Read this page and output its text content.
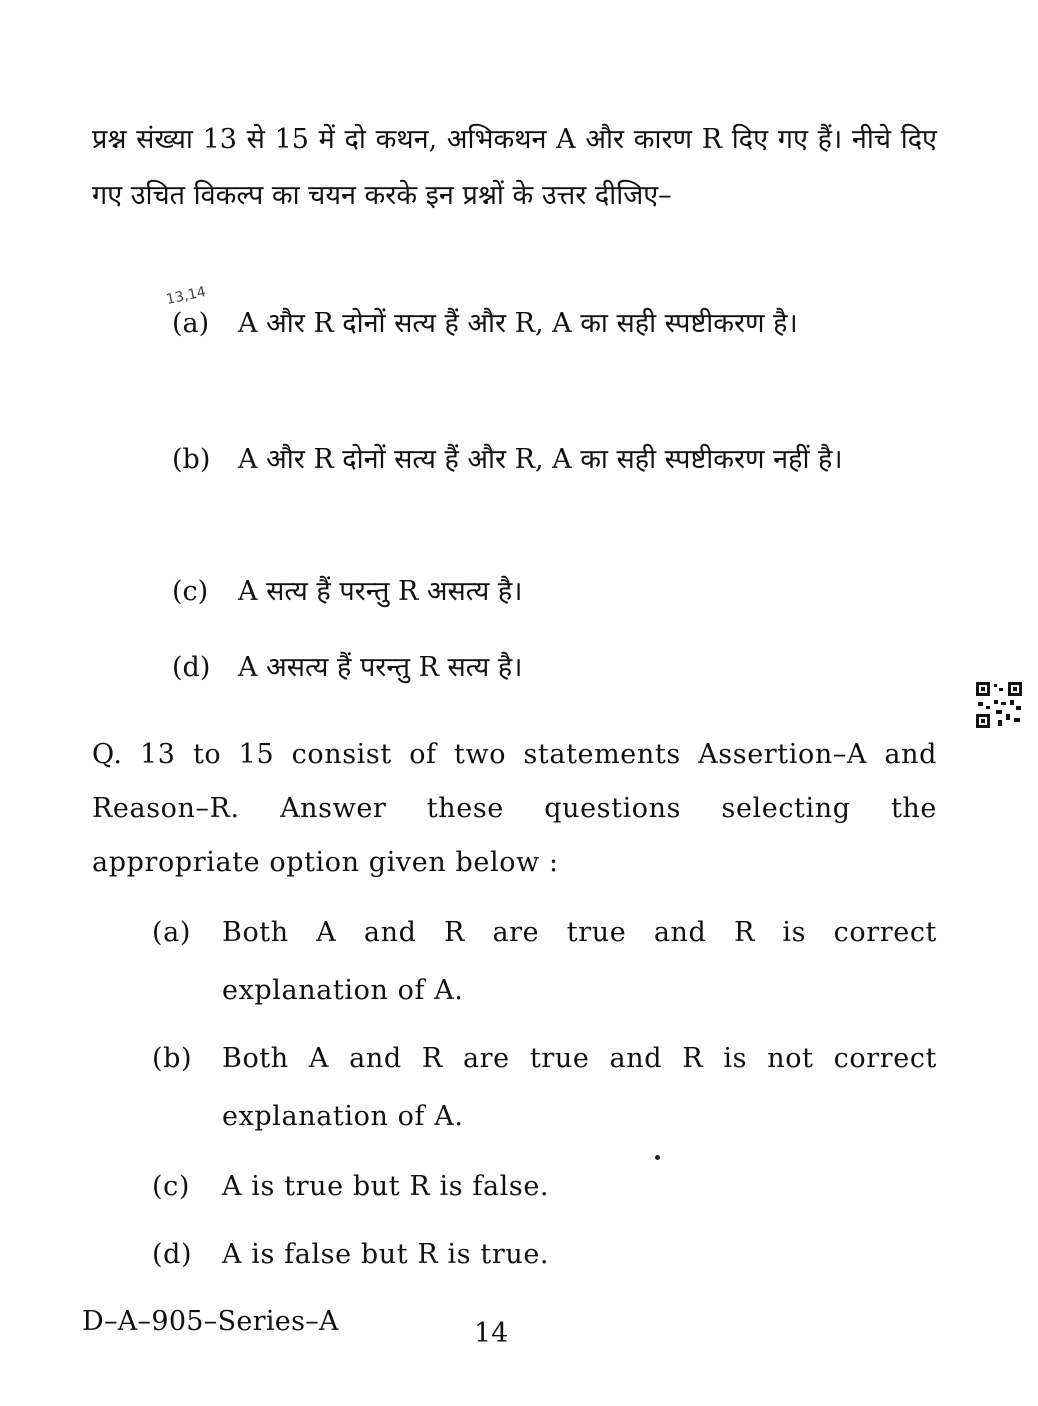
प्रश्न संख्या 13 से 15 में दो कथन, अभिकथन A और कारण R दिए गए हैं। नीचे दिए गए उचित विकल्प का चयन करके इन प्रश्नों के उत्तर दीजिए–
13,14
(a)	A और R दोनों सत्य हैं और R, A का सही स्पष्टीकरण है।
(b)	A और R दोनों सत्य हैं और R, A का सही स्पष्टीकरण नहीं है।
(c)	A सत्य हैं परन्तु R असत्य है।
(d)	A असत्य हैं परन्तु R सत्य है।
Q. 13 to 15 consist of two statements Assertion–A and Reason–R. Answer these questions selecting the appropriate option given below :
(a)	Both A and R are true and R is correct explanation of A.
(b)	Both A and R are true and R is not correct explanation of A.
(c)	A is true but R is false.
(d)	A is false but R is true.
D–A–905–Series–A	14
